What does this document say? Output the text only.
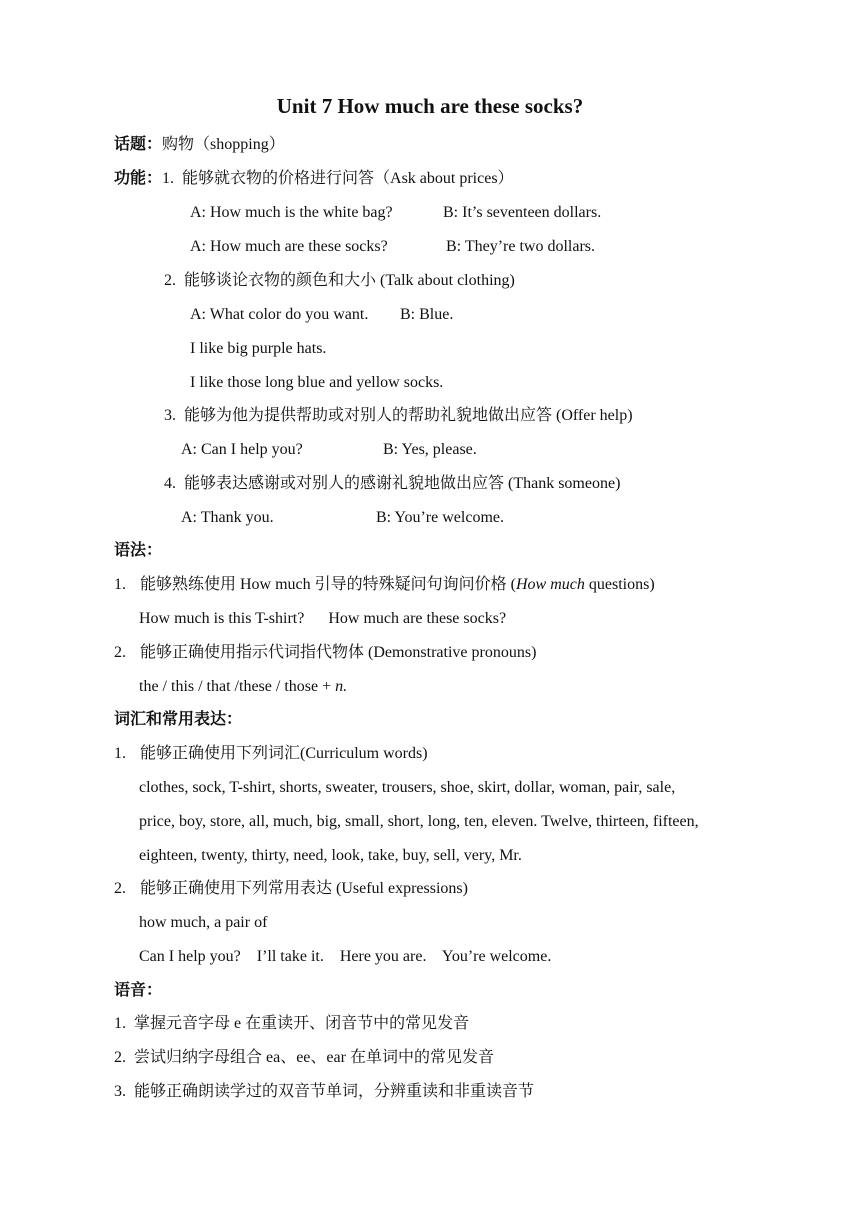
Unit 7 How much are these socks?
话题：购物（shopping）
功能：1. 能够就衣物的价格进行问答（Ask about prices）
A: How much is the white bag?	B: It’s seventeen dollars.
A: How much are these socks?	B: They’re two dollars.
2. 能够谈论衣物的颜色和大小 (Talk about clothing)
A: What color do you want. B: Blue.
I like big purple hats.
I like those long blue and yellow socks.
3. 能够为他为提供帮助或对别人的帮助礼貌地做出应答 (Offer help)
A: Can I help you?	B: Yes, please.
4. 能够表达感谢或对别人的感谢礼貌地做出应答 (Thank someone)
A: Thank you.	B: You’re welcome.
语法：
1. 能够熟练使用 How much 引导的特殊疑问句询问价格 (How much questions)
How much is this T-shirt?      How much are these socks?
2. 能够正确使用指示代词指代物体 (Demonstrative pronouns)
the / this / that /these / those + n.
词汇和常用表达：
1. 能够正确使用下列词汇(Curriculum words)
clothes, sock, T-shirt, shorts, sweater, trousers, shoe, skirt, dollar, woman, pair, sale,
price, boy, store, all, much, big, small, short, long, ten, eleven. Twelve, thirteen, fifteen,
eighteen, twenty, thirty, need, look, take, buy, sell, very, Mr.
2. 能够正确使用下列常用表达 (Useful expressions)
how much, a pair of
Can I help you?    I’ll take it.    Here you are.    You’re welcome.
语音：
1.  掌握元音字母 e 在重读开、闭音节中的常见发音
2.  尝试归纳字母组合 ea、ee、ear 在单词中的常见发音
3.  能够正确朗读学过的双音节单词，分辨重读和非重读音节
